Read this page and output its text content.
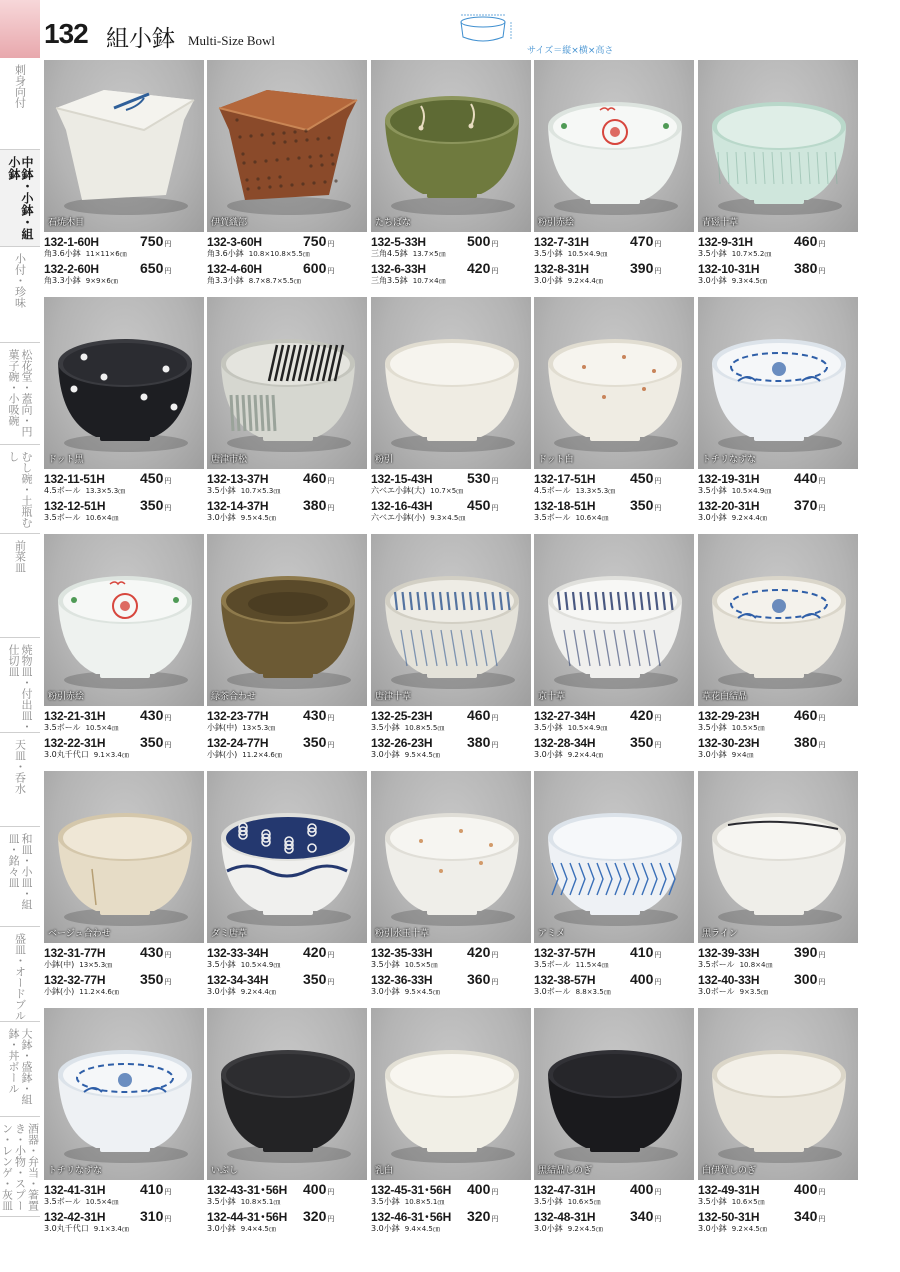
132 組小鉢 Multi-Size Bowl
サイズ＝縦×横×高さ
刺身向付
中鉢・小鉢・組小鉢
小付・珍味
松花堂・蓋向・円菓子碗・小吸碗
むし碗・土瓶むし
前菜皿
焼物皿・付出皿・仕切皿
天皿・呑水
和皿・小皿・組皿・銘々皿
盛皿・オードブル
大鉢・盛鉢・組鉢・丼ボール
酒器・弁当・箸置き・小物・スプーン・レンゲ・灰皿
石焼木目
132-1-60H	750 円
角3.6小鉢 11×11×6㎝
132-2-60H	650 円
角3.3小鉢 9×9×6㎝
伊賀織部
132-3-60H	750 円
角3.6小鉢 10.8×10.8×5.5㎝
132-4-60H	600 円
角3.3小鉢 8.7×8.7×5.5㎝
たちばな
132-5-33H	500 円
三角4.5鉢 13.7×5㎝
132-6-33H	420 円
三角3.5鉢 10.7×4㎝
粉引赤絵
132-7-31H	470 円
3.5小鉢 10.5×4.9㎝
132-8-31H	390 円
3.0小鉢 9.2×4.4㎝
青磁十草
132-9-31H	460 円
3.5小鉢 10.7×5.2㎝
132-10-31H	380 円
3.0小鉢 9.3×4.5㎝
ドット黒
132-11-51H	450 円
4.5ボール 13.3×5.3㎝
132-12-51H	350 円
3.5ボール 10.6×4㎝
唐津市松
132-13-37H	460 円
3.5小鉢 10.7×5.3㎝
132-14-37H	380 円
3.0小鉢 9.5×4.5㎝
粉引
132-15-43H	530 円
六ベエ小鉢(大) 10.7×5㎝
132-16-43H	450 円
六ベエ小鉢(小) 9.3×4.5㎝
ドット白
132-17-51H	450 円
4.5ボール 13.3×5.3㎝
132-18-51H	350 円
3.5ボール 10.6×4㎝
トチリなずな
132-19-31H	440 円
3.5小鉢 10.5×4.9㎝
132-20-31H	370 円
3.0小鉢 9.2×4.4㎝
粉引赤絵
132-21-31H	430 円
3.5ボール 10.5×4㎝
132-22-31H	350 円
3.0丸千代口 9.1×3.4㎝
緑茶合わせ
132-23-77H	430 円
小鉢(中) 13×5.3㎝
132-24-77H	350 円
小鉢(小) 11.2×4.6㎝
唐津十草
132-25-23H	460 円
3.5小鉢 10.8×5.5㎝
132-26-23H	380 円
3.0小鉢 9.5×4.5㎝
京十草
132-27-34H	420 円
3.5小鉢 10.5×4.9㎝
132-28-34H	350 円
3.0小鉢 9.2×4.4㎝
草花白結晶
132-29-23H	460 円
3.5小鉢 10.5×5㎝
132-30-23H	380 円
3.0小鉢 9×4㎝
ベージュ合わせ
132-31-77H	430 円
小鉢(中) 13×5.3㎝
132-32-77H	350 円
小鉢(小) 11.2×4.6㎝
ダミ唐草
132-33-34H	420 円
3.5小鉢 10.5×4.9㎝
132-34-34H	350 円
3.0小鉢 9.2×4.4㎝
粉引水玉十草
132-35-33H	420 円
3.5小鉢 10.5×5㎝
132-36-33H	360 円
3.0小鉢 9.5×4.5㎝
アミメ
132-37-57H	410 円
3.5ボール 11.5×4㎝
132-38-57H	400 円
3.0ボール 8.8×3.5㎝
黒ライン
132-39-33H	390 円
3.5ボール 10.8×4㎝
132-40-33H	300 円
3.0ボール 9×3.5㎝
トチリなずな
132-41-31H	410 円
3.5ボール 10.5×4㎝
132-42-31H	310 円
3.0丸千代口 9.1×3.4㎝
いぶし
132-43-31･56H	400 円
3.5小鉢 10.8×5.1㎝
132-44-31･56H	320 円
3.0小鉢 9.4×4.5㎝
乳白
132-45-31･56H	400 円
3.5小鉢 10.8×5.1㎝
132-46-31･56H	320 円
3.0小鉢 9.4×4.5㎝
黒結晶しのぎ
132-47-31H	400 円
3.5小鉢 10.6×5㎝
132-48-31H	340 円
3.0小鉢 9.2×4.5㎝
白伊賀しのぎ
132-49-31H	400 円
3.5小鉢 10.6×5㎝
132-50-31H	340 円
3.0小鉢 9.2×4.5㎝
